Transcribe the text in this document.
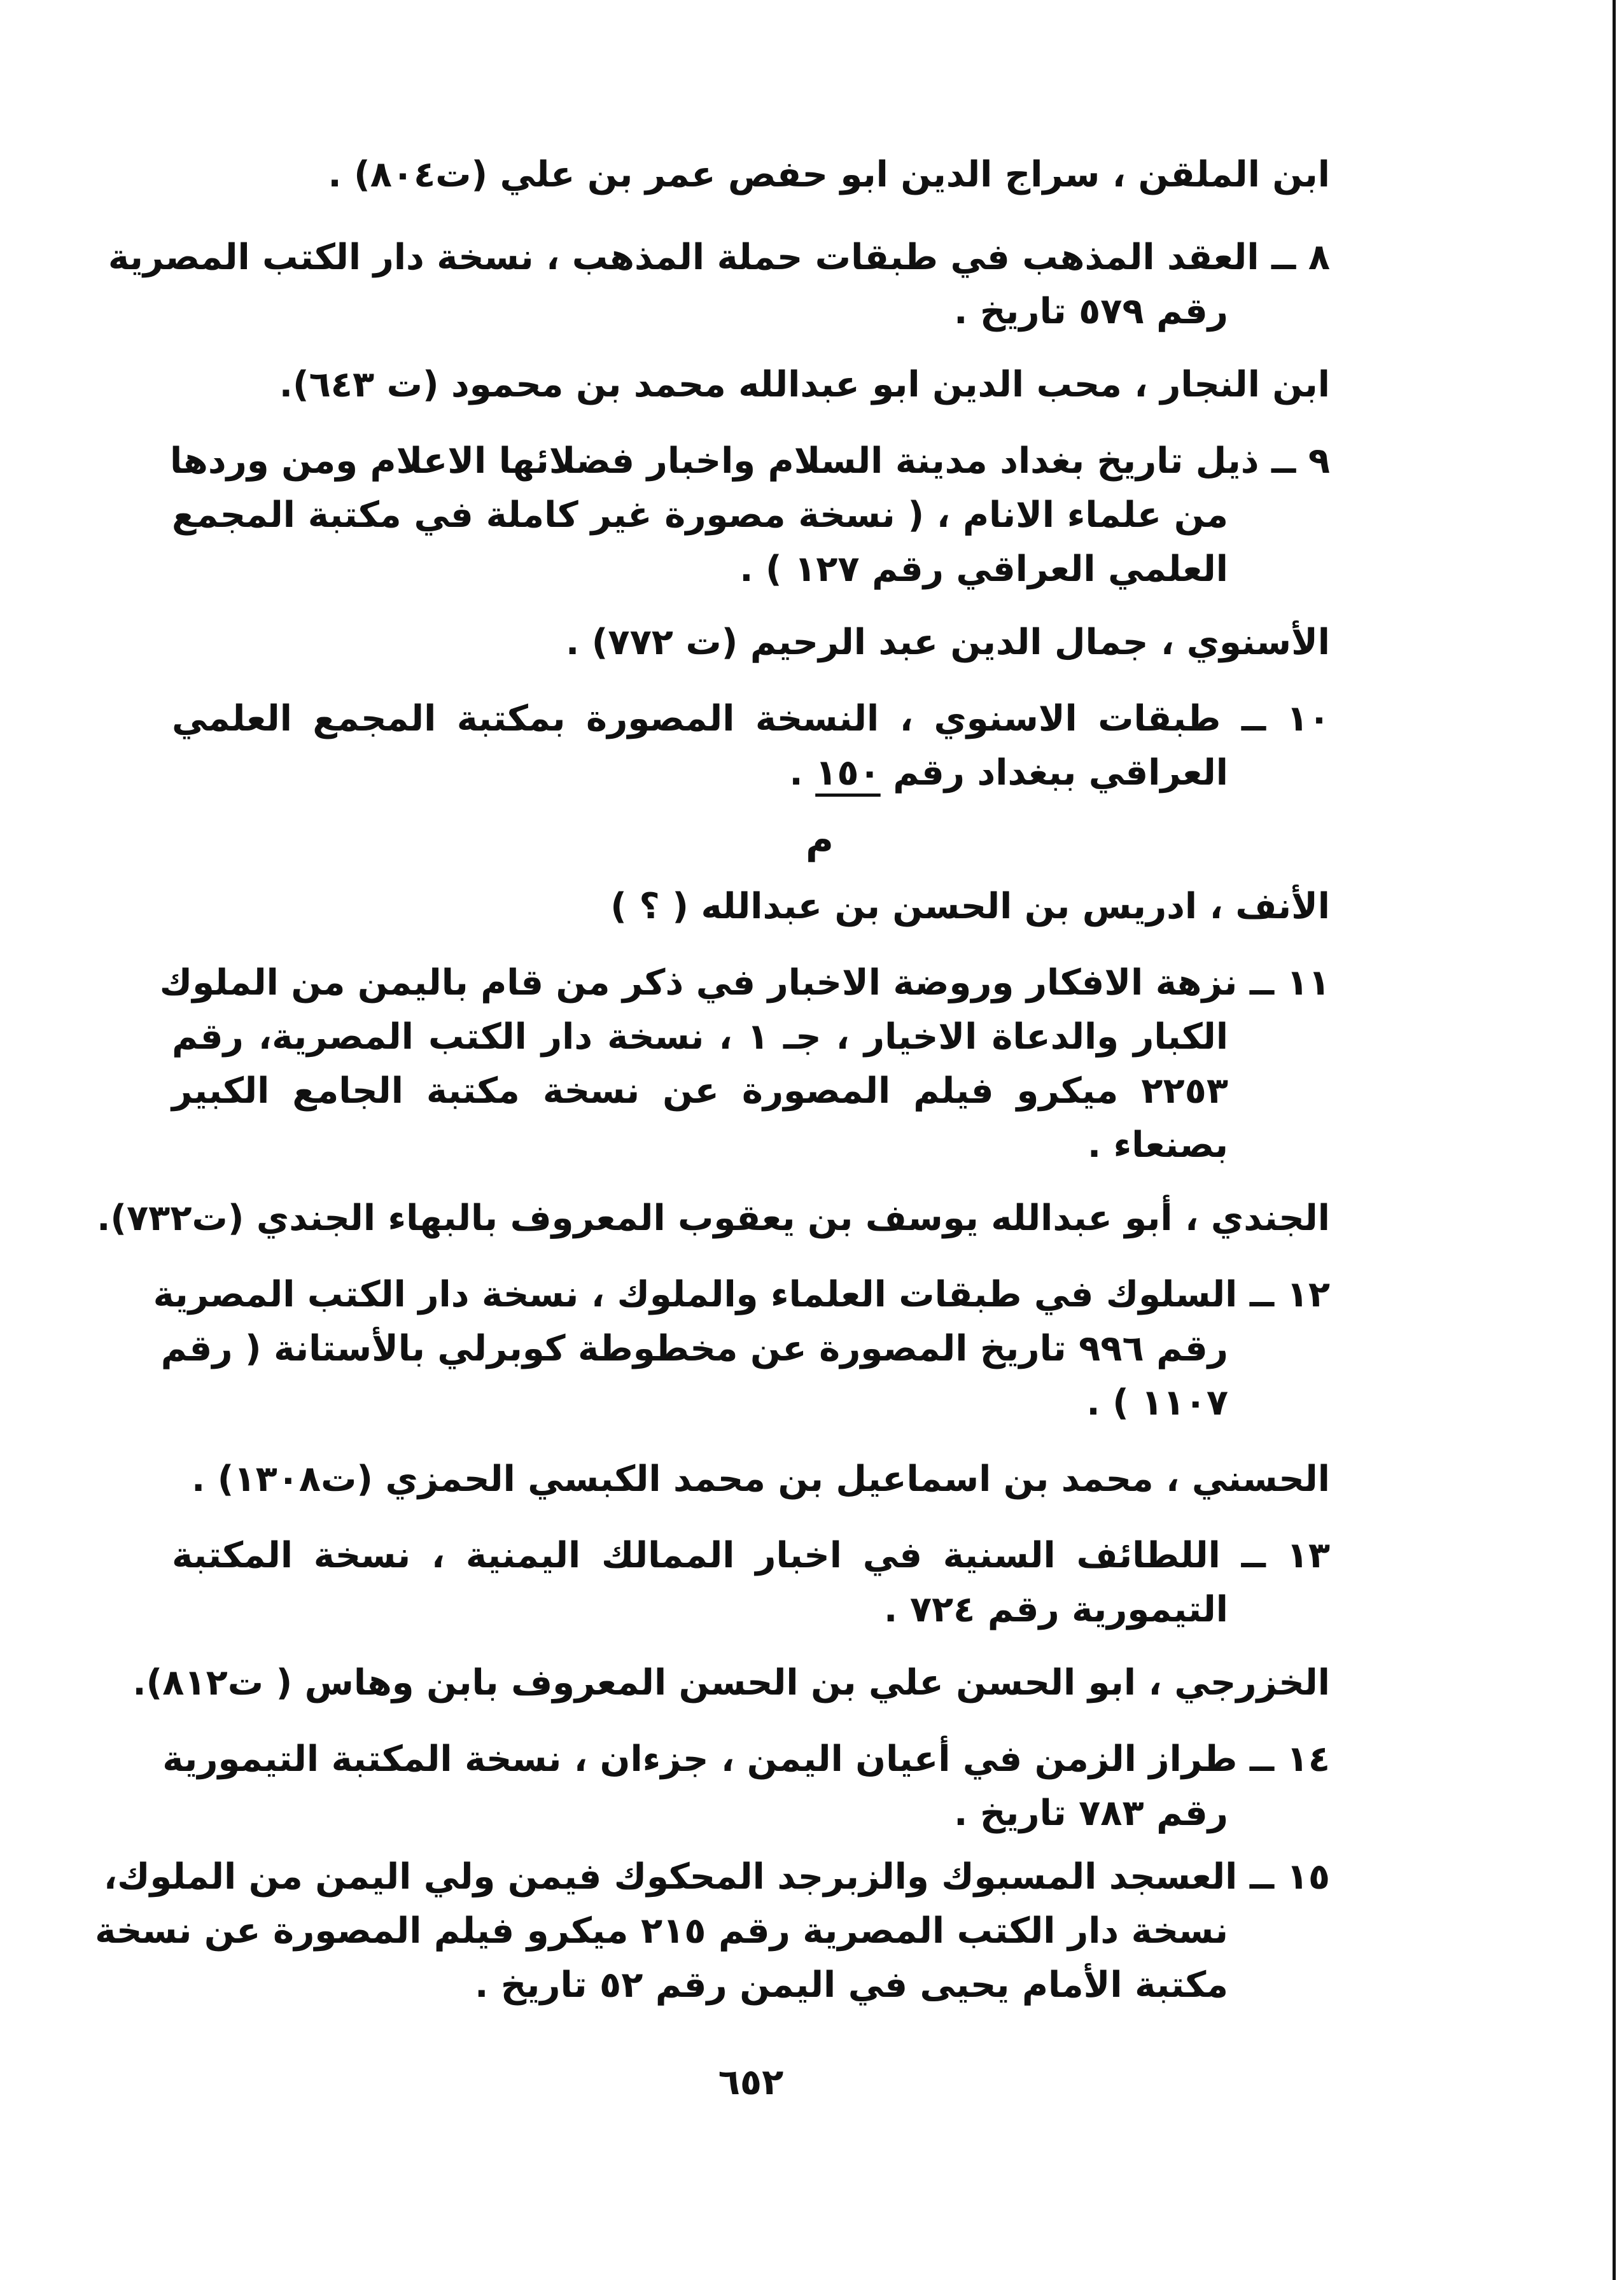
ابن الملقن ، سراج الدين ابو حفص عمر بن علي (ت٨٠٤) .
٨ ــ العقد المذهب في طبقات حملة المذهب ، نسخة دار الكتب المصرية
رقم ٥٧٩ تاريخ .
ابن النجار ، محب الدين ابو عبدالله محمد بن محمود (ت ٦٤٣).
٩ ــ ذيل تاريخ بغداد مدينة السلام واخبار فضلائها الاعلام ومن وردها
من علماء الانام ، ( نسخة مصورة غير كاملة في مكتبة المجمع
العلمي العراقي رقم ١٢٧ ) .
الأسنوي ، جمال الدين عبد الرحيم (ت ٧٧٢) .
١٠ ــ طبقات الاسنوي ، النسخة المصورة بمكتبة المجمع العلمي
العراقي ببغداد رقم ١٥٠ .
م
الأنف ، ادريس بن الحسن بن عبدالله ( ؟ )
١١ ــ نزهة الافكار وروضة الاخبار في ذكر من قام باليمن من الملوك
الكبار والدعاة الاخيار ، جـ ١ ، نسخة دار الكتب المصرية، رقم
٢٢٥٣ ميكرو فيلم المصورة عن نسخة مكتبة الجامع الكبير
بصنعاء .
الجندي ، أبو عبدالله يوسف بن يعقوب المعروف بالبهاء الجندي (ت٧٣٢).
١٢ ــ السلوك في طبقات العلماء والملوك ، نسخة دار الكتب المصرية
رقم ٩٩٦ تاريخ المصورة عن مخطوطة كوبرلي بالأستانة ( رقم
١١٠٧ ) .
الحسني ، محمد بن اسماعيل بن محمد الكبسي الحمزي (ت١٣٠٨) .
١٣ ــ اللطائف السنية في اخبار الممالك اليمنية ، نسخة المكتبة
التيمورية رقم ٧٢٤ .
الخزرجي ، ابو الحسن علي بن الحسن المعروف بابن وهاس ( ت٨١٢).
١٤ ــ طراز الزمن في أعيان اليمن ، جزءان ، نسخة المكتبة التيمورية
رقم ٧٨٣ تاريخ .
١٥ ــ العسجد المسبوك والزبرجد المحكوك فيمن ولي اليمن من الملوك،
نسخة دار الكتب المصرية رقم ٢١٥ ميكرو فيلم المصورة عن نسخة
مكتبة الأمام يحيى في اليمن رقم ٥٢ تاريخ .
٦٥٢
